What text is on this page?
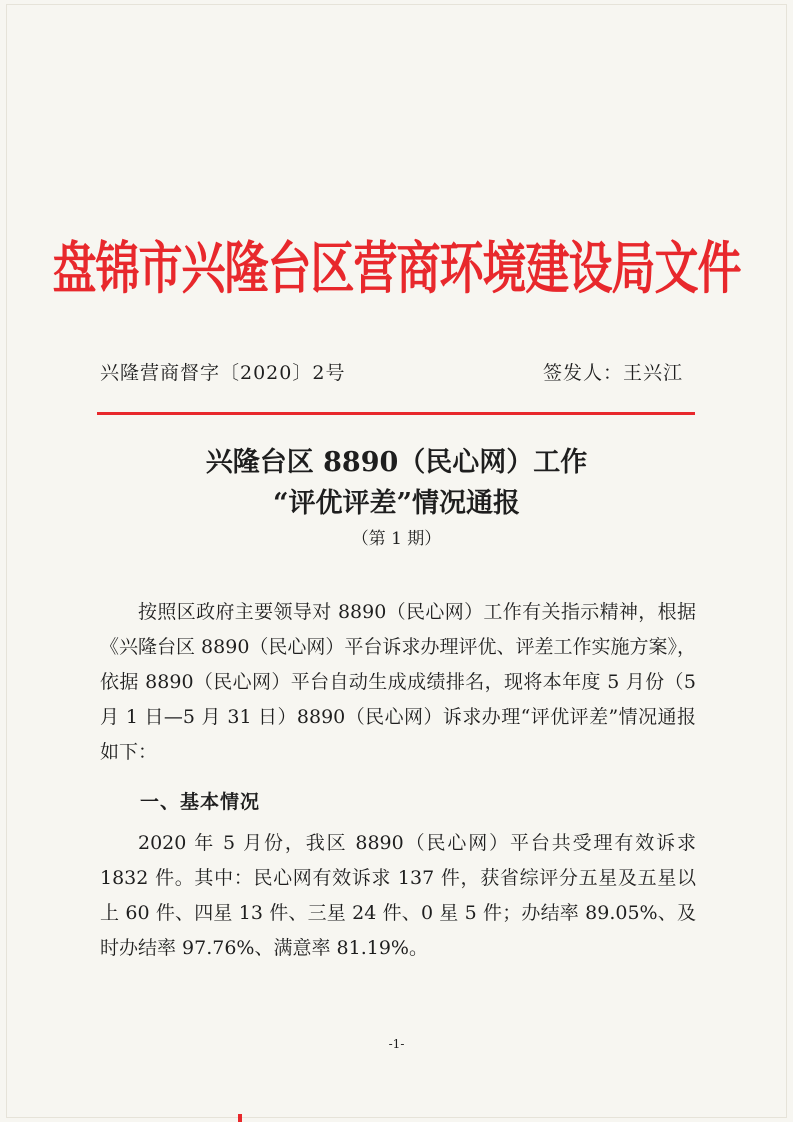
盘锦市兴隆台区营商环境建设局文件
兴隆营商督字〔2020〕2号	签发人：王兴江
兴隆台区 8890（民心网）工作
“评优评差”情况通报
（第 1 期）

按照区政府主要领导对 8890（民心网）工作有关指示精神，根据《兴隆台区 8890（民心网）平台诉求办理评优、评差工作实施方案》，依据 8890（民心网）平台自动生成成绩排名，现将本年度 5 月份（5 月 1 日—5 月 31 日）8890（民心网）诉求办理“评优评差”情况通报如下：

一、基本情况

2020 年 5 月份，我区 8890（民心网）平台共受理有效诉求 1832 件。其中：民心网有效诉求 137 件，获省综评分五星及五星以上 60 件、四星 13 件、三星 24 件、0 星 5 件；办结率 89.05%、及时办结率 97.76%、满意率 81.19%。

-1-
